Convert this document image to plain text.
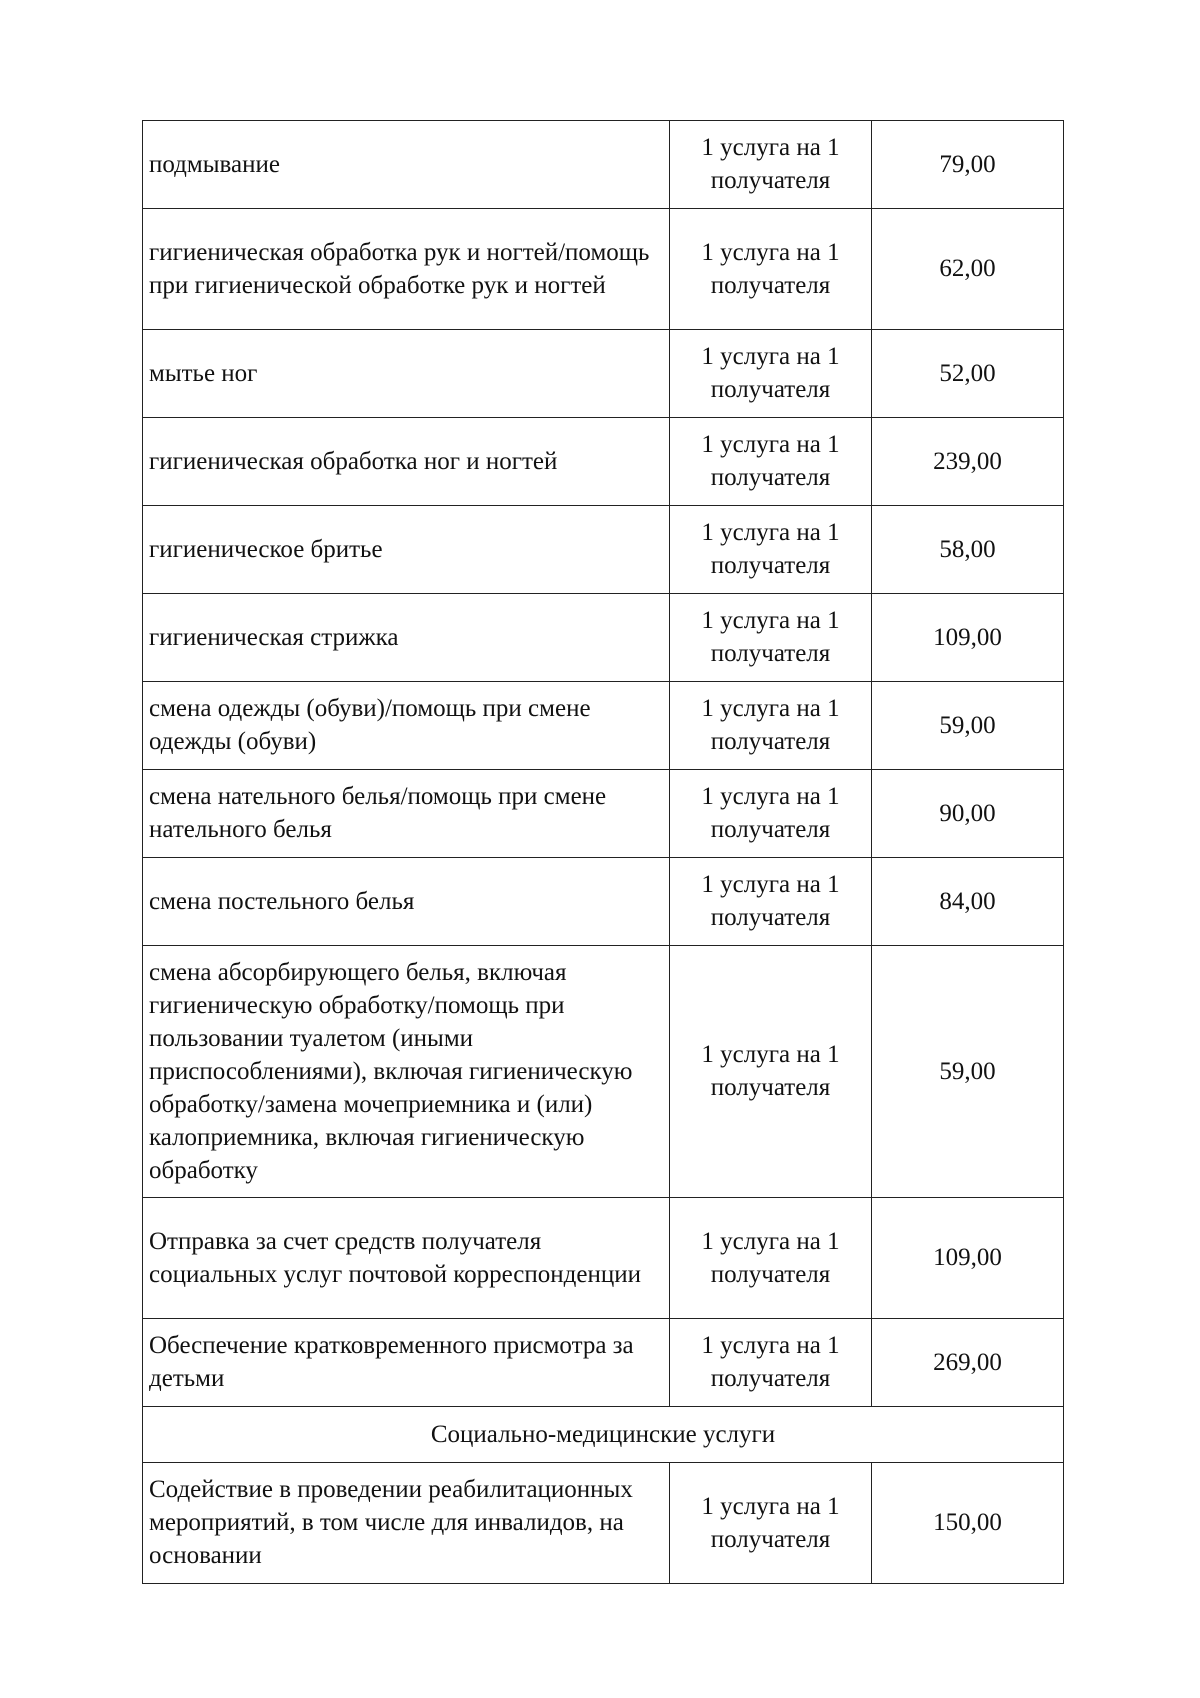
подмывание	1 услуга на 1 получателя	79,00
гигиеническая обработка рук и ногтей/помощь при гигиенической обработке рук и ногтей	1 услуга на 1 получателя	62,00
мытье ног	1 услуга на 1 получателя	52,00
гигиеническая обработка ног и ногтей	1 услуга на 1 получателя	239,00
гигиеническое бритье	1 услуга на 1 получателя	58,00
гигиеническая стрижка	1 услуга на 1 получателя	109,00
смена одежды (обуви)/помощь при смене одежды (обуви)	1 услуга на 1 получателя	59,00
смена нательного белья/помощь при смене нательного белья	1 услуга на 1 получателя	90,00
смена постельного белья	1 услуга на 1 получателя	84,00
смена абсорбирующего белья, включая гигиеническую обработку/помощь при пользовании туалетом (иными приспособлениями), включая гигиеническую обработку/замена мочеприемника и (или) калоприемника, включая гигиеническую обработку	1 услуга на 1 получателя	59,00
Отправка за счет средств получателя социальных услуг почтовой корреспонденции	1 услуга на 1 получателя	109,00
Обеспечение кратковременного присмотра за детьми	1 услуга на 1 получателя	269,00
Социально-медицинские услуги		
Содействие в проведении реабилитационных мероприятий, в том числе для инвалидов, на основании	1 услуга на 1 получателя	150,00
